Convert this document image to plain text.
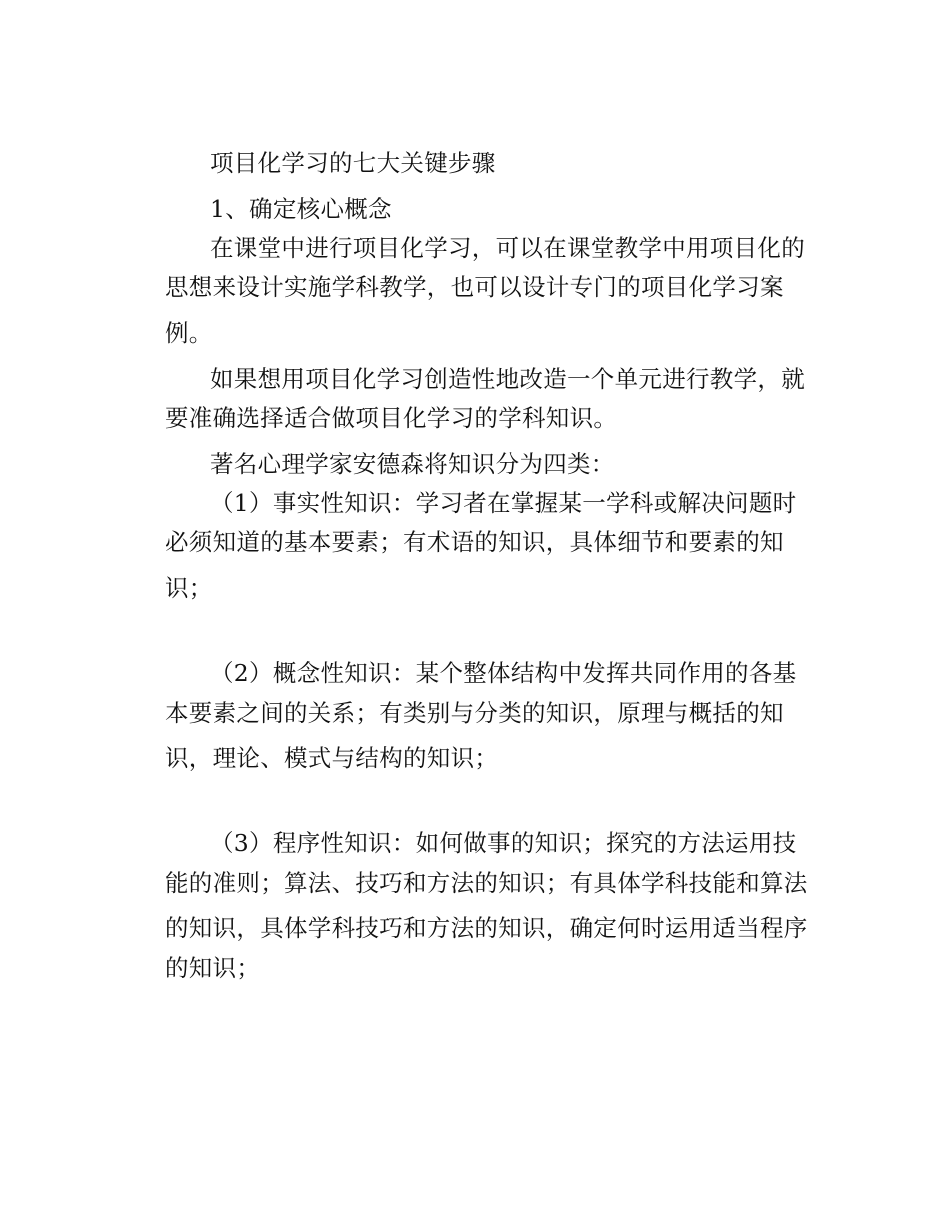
项目化学习的七大关键步骤
1、确定核心概念
在课堂中进行项目化学习，可以在课堂教学中用项目化的
思想来设计实施学科教学，也可以设计专门的项目化学习案
例。
如果想用项目化学习创造性地改造一个单元进行教学，就
要准确选择适合做项目化学习的学科知识。
著名心理学家安德森将知识分为四类：
（1）事实性知识：学习者在掌握某一学科或解决问题时
必须知道的基本要素；有术语的知识，具体细节和要素的知
识；
（2）概念性知识：某个整体结构中发挥共同作用的各基
本要素之间的关系；有类别与分类的知识，原理与概括的知
识，理论、模式与结构的知识；
（3）程序性知识：如何做事的知识；探究的方法运用技
能的准则；算法、技巧和方法的知识；有具体学科技能和算法
的知识，具体学科技巧和方法的知识，确定何时运用适当程序
的知识；
